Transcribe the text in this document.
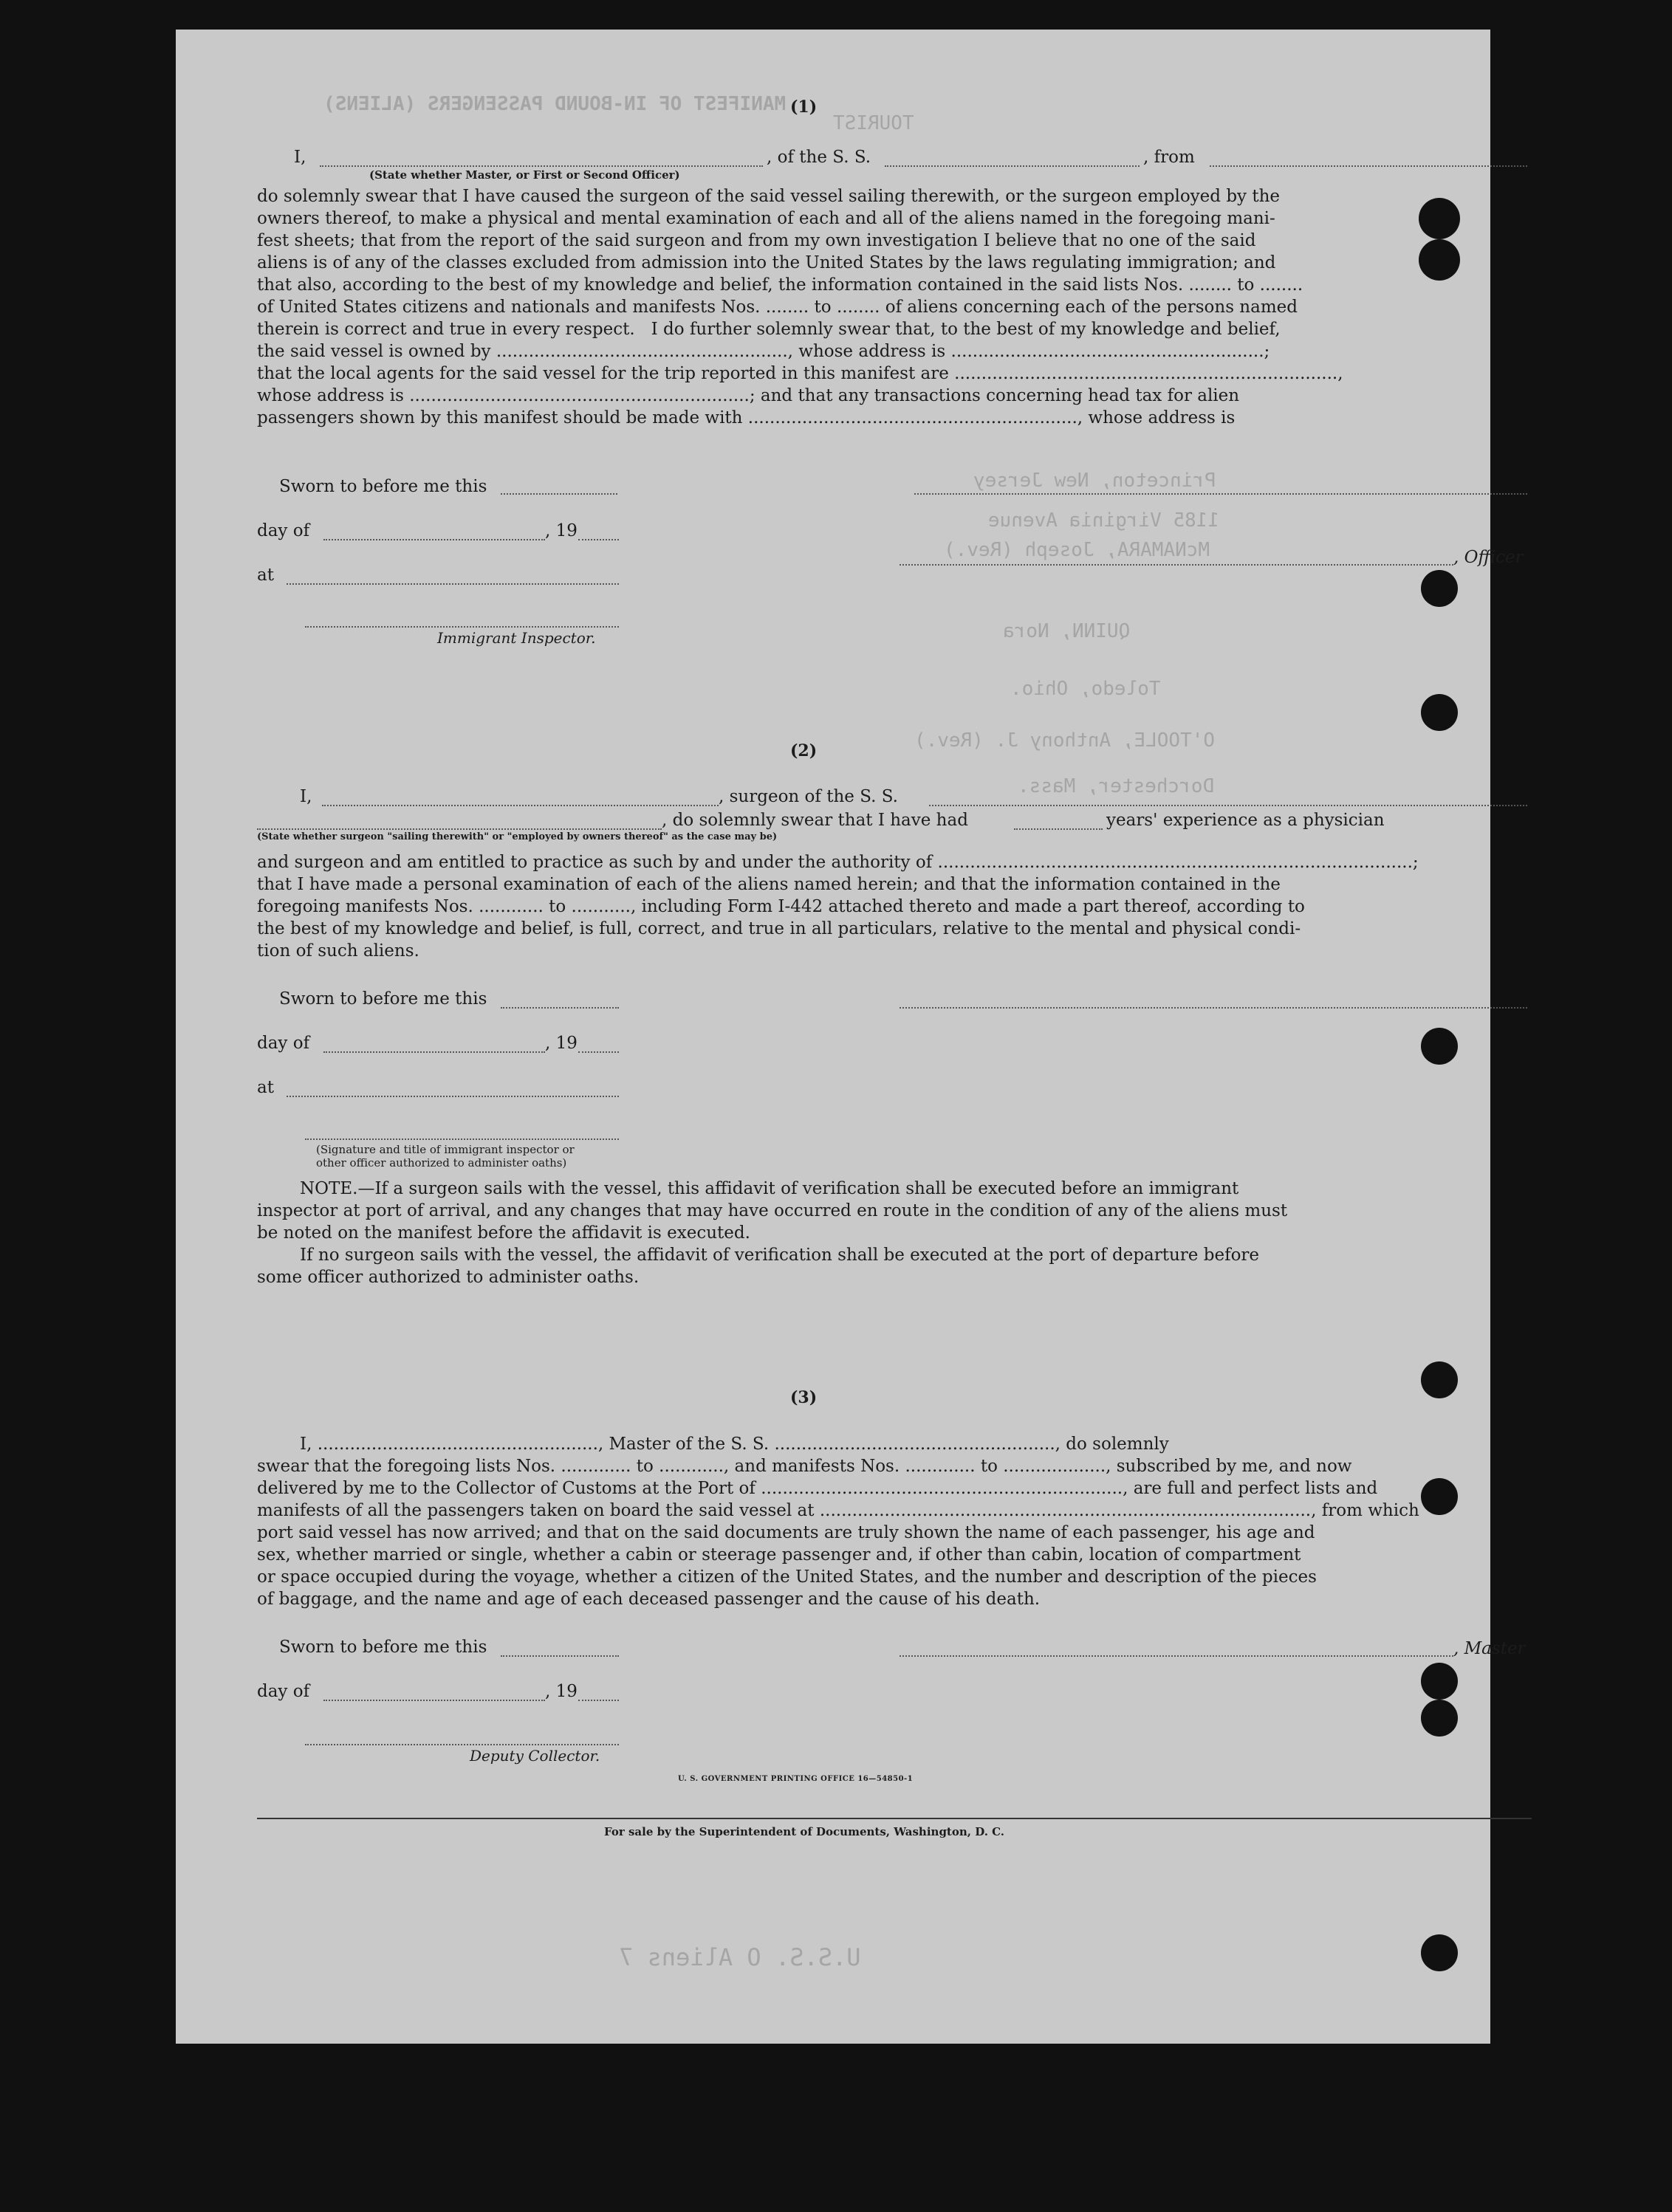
MANIFEST OF IN-BOUND PASSENGERS (ALIENS)
TOURIST
Princeton, New Jersey
1185 Virginia Avenue
McNAMARA, Joseph (Rev.)
QUINN, Nora
Toledo, Ohio.
O'TOOLE, Anthony J. (Rev.)
Dorchester, Mass.
U.S.S. O Aliens 7
(1)
I,	, of the S. S.	, from
(State whether Master, or First or Second Officer)
do solemnly swear that I have caused the surgeon of the said vessel sailing therewith, or the surgeon employed by the
owners thereof, to make a physical and mental examination of each and all of the aliens named in the foregoing mani-
fest sheets; that from the report of the said surgeon and from my own investigation I believe that no one of the said
aliens is of any of the classes excluded from admission into the United States by the laws regulating immigration; and
that also, according to the best of my knowledge and belief, the information contained in the said lists Nos. ........ to ........
of United States citizens and nationals and manifests Nos. ........ to ........ of aliens concerning each of the persons named
therein is correct and true in every respect.   I do further solemnly swear that, to the best of my knowledge and belief,
the said vessel is owned by ......................................................, whose address is ..........................................................;
that the local agents for the said vessel for the trip reported in this manifest are .......................................................................,
whose address is ...............................................................; and that any transactions concerning head tax for alien
passengers shown by this manifest should be made with ............................................................., whose address is
Sworn to before me this
day of	, 19
, Officer
at
Immigrant Inspector.
(2)
I,	, surgeon of the S. S.
, do solemnly swear that I have had	years' experience as a physician
(State whether surgeon "sailing therewith" or "employed by owners thereof" as the case may be)
and surgeon and am entitled to practice as such by and under the authority of ........................................................................................;
that I have made a personal examination of each of the aliens named herein; and that the information contained in the
foregoing manifests Nos. ............ to ..........., including Form I-442 attached thereto and made a part thereof, according to
the best of my knowledge and belief, is full, correct, and true in all particulars, relative to the mental and physical condi-
tion of such aliens.
Sworn to before me this
day of	, 19
at
(Signature and title of immigrant inspector or
other officer authorized to administer oaths)
NOTE.—If a surgeon sails with the vessel, this affidavit of verification shall be executed before an immigrant
inspector at port of arrival, and any changes that may have occurred en route in the condition of any of the aliens must
be noted on the manifest before the affidavit is executed.
If no surgeon sails with the vessel, the affidavit of verification shall be executed at the port of departure before
some officer authorized to administer oaths.
(3)
I, ...................................................., Master of the S. S. ...................................................., do solemnly
swear that the foregoing lists Nos. ............. to ............, and manifests Nos. ............. to ..................., subscribed by me, and now
delivered by me to the Collector of Customs at the Port of ..................................................................., are full and perfect lists and
manifests of all the passengers taken on board the said vessel at ..........................................................................................., from which
port said vessel has now arrived; and that on the said documents are truly shown the name of each passenger, his age and
sex, whether married or single, whether a cabin or steerage passenger and, if other than cabin, location of compartment
or space occupied during the voyage, whether a citizen of the United States, and the number and description of the pieces
of baggage, and the name and age of each deceased passenger and the cause of his death.
Sworn to before me this	, Master
day of	, 19
Deputy Collector.
U. S. GOVERNMENT PRINTING OFFICE 16—54850-1
For sale by the Superintendent of Documents, Washington, D. C.
